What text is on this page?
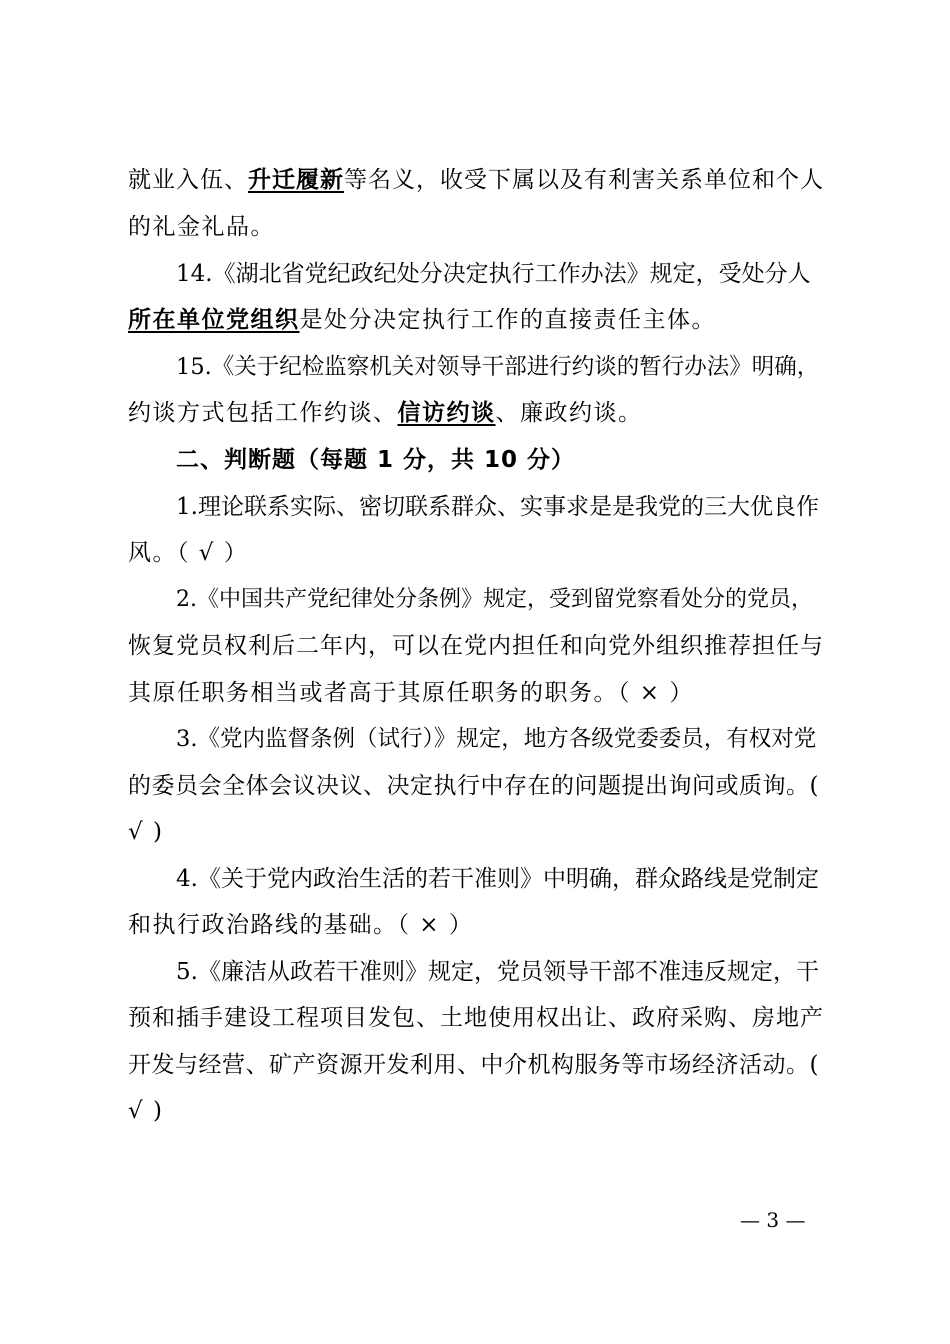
就业入伍、升迁履新等名义，收受下属以及有利害关系单位和个人
的礼金礼品。
14.《湖北省党纪政纪处分决定执行工作办法》规定，受处分人
所在单位党组织是处分决定执行工作的直接责任主体。
15.《关于纪检监察机关对领导干部进行约谈的暂行办法》明确，
约谈方式包括工作约谈、信访约谈、廉政约谈。
二、判断题（每题 1 分，共 10 分）
1.理论联系实际、密切联系群众、实事求是是我党的三大优良作
风。（ √ ）
2.《中国共产党纪律处分条例》规定，受到留党察看处分的党员，
恢复党员权利后二年内，可以在党内担任和向党外组织推荐担任与
其原任职务相当或者高于其原任职务的职务。（ × ）
3.《党内监督条例（试行）》规定，地方各级党委委员，有权对党
的委员会全体会议决议、决定执行中存在的问题提出询问或质询。(
√ )
4.《关于党内政治生活的若干准则》中明确，群众路线是党制定
和执行政治路线的基础。（ × ）
5.《廉洁从政若干准则》规定，党员领导干部不准违反规定，干
预和插手建设工程项目发包、土地使用权出让、政府采购、房地产
开发与经营、矿产资源开发利用、中介机构服务等市场经济活动。(
√ )
— 3 —
